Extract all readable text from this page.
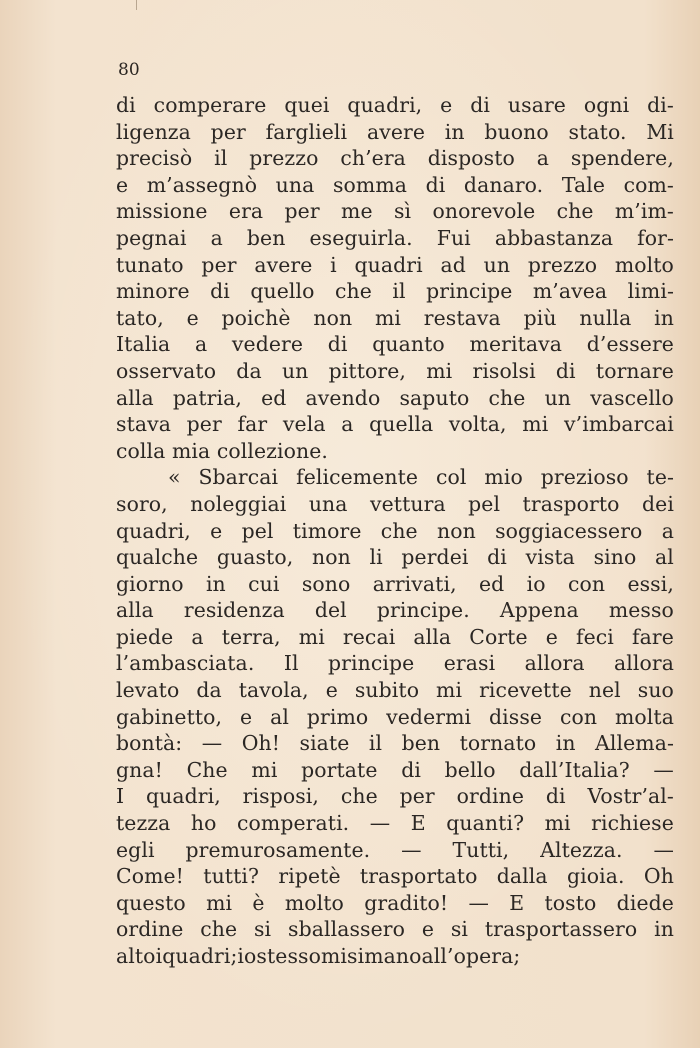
80
di comperare quei quadri, e di usare ogni di-
ligenza per farglieli avere in buono stato. Mi
precisò il prezzo ch’era disposto a spendere,
e m’assegnò una somma di danaro. Tale com-
missione era per me sì onorevole che m’im-
pegnai a ben eseguirla. Fui abbastanza for-
tunato per avere i quadri ad un prezzo molto
minore di quello che il principe m’avea limi-
tato, e poichè non mi restava più nulla in
Italia a vedere di quanto meritava d’essere
osservato da un pittore, mi risolsi di tornare
alla patria, ed avendo saputo che un vascello
stava per far vela a quella volta, mi v’imbarcai
colla mia collezione.
« Sbarcai felicemente col mio prezioso te-
soro, noleggiai una vettura pel trasporto dei
quadri, e pel timore che non soggiacessero a
qualche guasto, non li perdei di vista sino al
giorno in cui sono arrivati, ed io con essi,
alla residenza del principe. Appena messo
piede a terra, mi recai alla Corte e feci fare
l’ambasciata. Il principe erasi allora allora
levato da tavola, e subito mi ricevette nel suo
gabinetto, e al primo vedermi disse con molta
bontà: — Oh! siate il ben tornato in Allema-
gna! Che mi portate di bello dall’Italia? —
I quadri, risposi, che per ordine di Vostr’al-
tezza ho comperati. — E quanti? mi richiese
egli premurosamente. — Tutti, Altezza. —
Come! tutti? ripetè trasportato dalla gioia. Oh
questo mi è molto gradito! — E tosto diede
ordine che si sballassero e si trasportassero in
alto i quadri; io stesso misi mano all’opera;
